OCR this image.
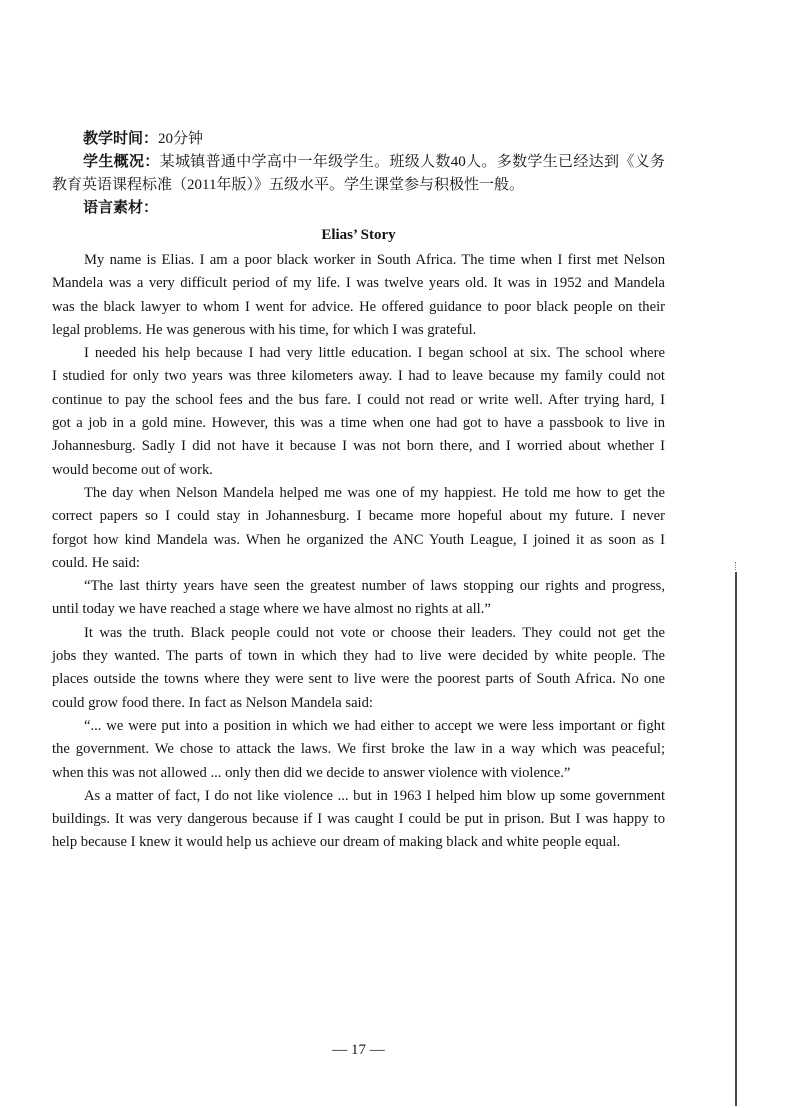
教学时间：20分钟
学生概况：某城镇普通中学高中一年级学生。班级人数40人。多数学生已经达到《义务
教育英语课程标准（2011年版）》五级水平。学生课堂参与积极性一般。
语言素材：
Elias’ Story
My name is Elias. I am a poor black worker in South Africa. The time when I first met Nelson
Mandela was a very difficult period of my life. I was twelve years old. It was in 1952 and Mandela
was the black lawyer to whom I went for advice. He offered guidance to poor black people on their
legal problems. He was generous with his time, for which I was grateful.
I needed his help because I had very little education. I began school at six. The school where
I studied for only two years was three kilometers away. I had to leave because my family could not
continue to pay the school fees and the bus fare. I could not read or write well. After trying hard, I
got a job in a gold mine. However, this was a time when one had got to have a passbook to live in
Johannesburg. Sadly I did not have it because I was not born there, and I worried about whether I
would become out of work.
The day when Nelson Mandela helped me was one of my happiest. He told me how to get the
correct papers so I could stay in Johannesburg. I became more hopeful about my future. I never
forgot how kind Mandela was. When he organized the ANC Youth League, I joined it as soon as I
could. He said:
“The last thirty years have seen the greatest number of laws stopping our rights and progress,
until today we have reached a stage where we have almost no rights at all.”
It was the truth. Black people could not vote or choose their leaders. They could not get the
jobs they wanted. The parts of town in which they had to live were decided by white people. The
places outside the towns where they were sent to live were the poorest parts of South Africa. No one
could grow food there. In fact as Nelson Mandela said:
“... we were put into a position in which we had either to accept we were less important or fight
the government. We chose to attack the laws. We first broke the law in a way which was peaceful;
when this was not allowed ... only then did we decide to answer violence with violence.”
As a matter of fact, I do not like violence ... but in 1963 I helped him blow up some government
buildings. It was very dangerous because if I was caught I could be put in prison. But I was happy to
help because I knew it would help us achieve our dream of making black and white people equal.
— 17 —
